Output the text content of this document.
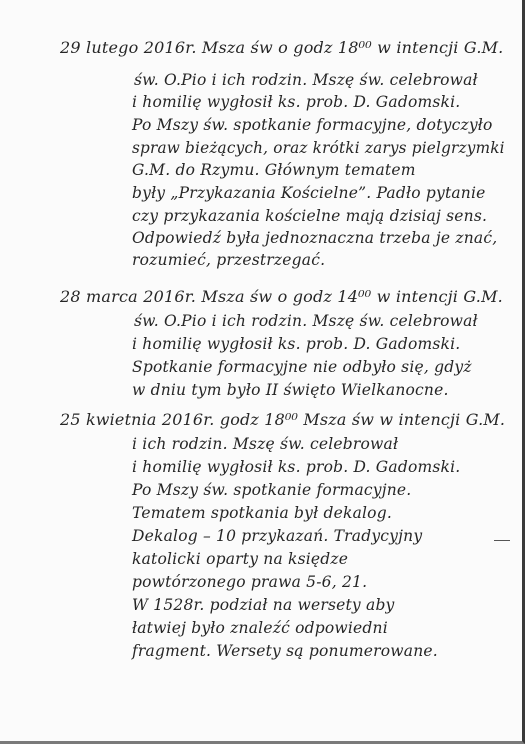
29 lutego 2016r. Msza św o godz 18⁰⁰ w intencji G.M.
św. O.Pio i ich rodzin. Mszę św. celebrował
i homilię wygłosił ks. prob. D. Gadomski.
Po Mszy św. spotkanie formacyjne, dotyczyło
spraw bieżących, oraz krótki zarys pielgrzymki
G.M. do Rzymu. Głównym tematem
były „Przykazania Kościelne”. Padło pytanie
czy przykazania kościelne mają dzisiaj sens.
Odpowiedź była jednoznaczna trzeba je znać,
rozumieć, przestrzegać.
28 marca 2016r. Msza św o godz 14⁰⁰ w intencji G.M.
św. O.Pio i ich rodzin. Mszę św. celebrował
i homilię wygłosił ks. prob. D. Gadomski.
Spotkanie formacyjne nie odbyło się, gdyż
w dniu tym było II święto Wielkanocne.
25 kwietnia 2016r. godz 18⁰⁰ Msza św w intencji G.M.
i ich rodzin. Mszę św. celebrował
i homilię wygłosił ks. prob. D. Gadomski.
Po Mszy św. spotkanie formacyjne.
Tematem spotkania był dekalog.
Dekalog – 10 przykazań. Tradycyjny
katolicki oparty na księdze
powtórzonego prawa 5-6, 21.
W 1528r. podział na wersety aby
łatwiej było znaleźć odpowiedni
fragment. Wersety są ponumerowane.
